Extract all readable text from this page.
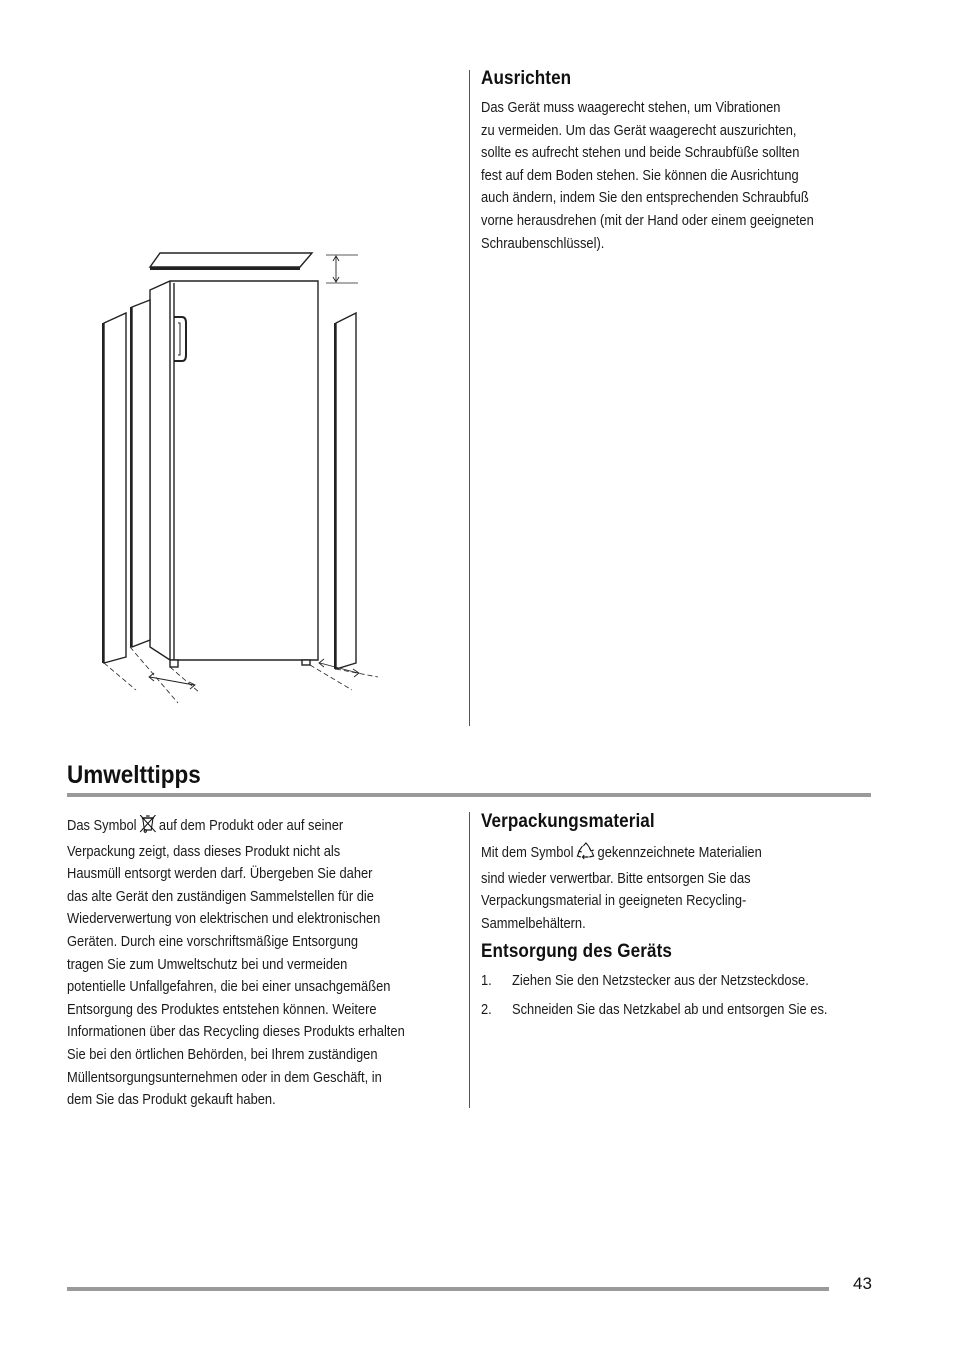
Ausrichten
Das Gerät muss waagerecht stehen, um Vibrationen
zu vermeiden. Um das Gerät waagerecht auszurichten,
sollte es aufrecht stehen und beide Schraubfüße sollten
fest auf dem Boden stehen. Sie können die Ausrichtung
auch ändern, indem Sie den entsprechenden Schraubfuß
vorne herausdrehen (mit der Hand oder einem geeigneten
Schraubenschlüssel).
Umwelttipps
Das Symbol auf dem Produkt oder auf seiner
Verpackung zeigt, dass dieses Produkt nicht als
Hausmüll entsorgt werden darf. Übergeben Sie daher
das alte Gerät den zuständigen Sammelstellen für die
Wiederverwertung von elektrischen und elektronischen
Geräten. Durch eine vorschriftsmäßige Entsorgung
tragen Sie zum Umweltschutz bei und vermeiden
potentielle Unfallgefahren, die bei einer unsachgemäßen
Entsorgung des Produktes entstehen können. Weitere
Informationen über das Recycling dieses Produkts erhalten
Sie bei den örtlichen Behörden, bei Ihrem zuständigen
Müllentsorgungsunternehmen oder in dem Geschäft, in
dem Sie das Produkt gekauft haben.
Verpackungsmaterial
Mit dem Symbol gekennzeichnete Materialien
sind wieder verwertbar. Bitte entsorgen Sie das
Verpackungsmaterial in geeigneten Recycling-
Sammelbehältern.
Entsorgung des Geräts
1. Ziehen Sie den Netzstecker aus der Netzsteckdose.
2. Schneiden Sie das Netzkabel ab und entsorgen Sie es.
43
